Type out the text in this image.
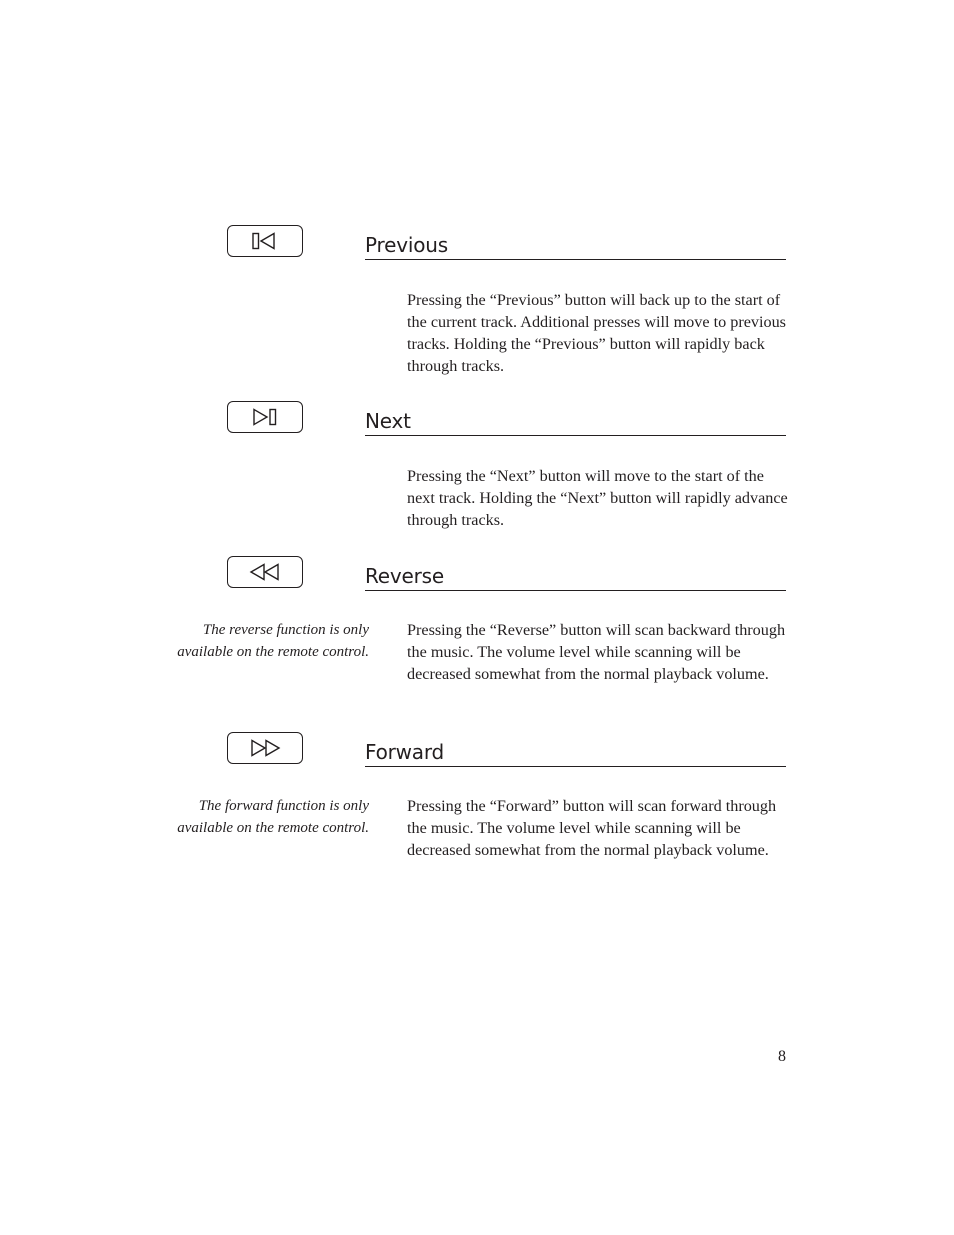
Previous

Pressing the “Previous” button will back up to the start of the current track. Additional presses will move to previous tracks. Holding the “Previous” button will rapidly back through tracks.

Next

Pressing the “Next” button will move to the start of the next track. Holding the “Next” button will rapidly advance through tracks.

Reverse

The reverse function is only available on the remote control.

Pressing the “Reverse” button will scan backward through the music. The volume level while scanning will be decreased somewhat from the normal playback volume.

Forward

The forward function is only available on the remote control.

Pressing the “Forward” button will scan forward through the music. The volume level while scanning will be decreased somewhat from the normal playback volume.

8
